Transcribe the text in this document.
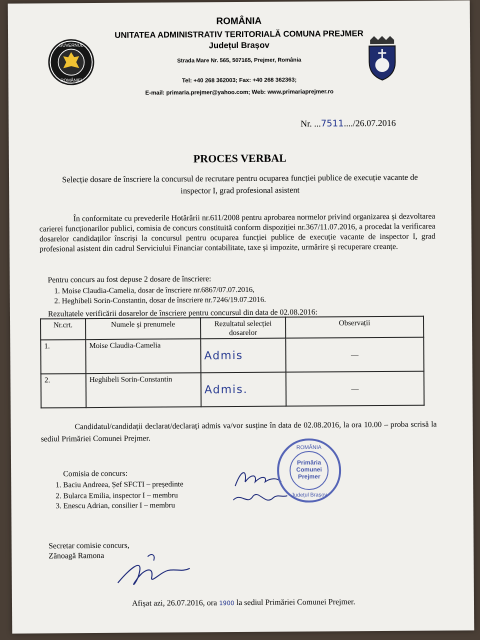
GUVERNUL
ROMÂNIEI
ROMÂNIA
UNITATEA ADMINISTRATIV TERITORIALĂ COMUNA PREJMER
Județul Brașov
Strada Mare Nr. 565, 507165, Prejmer, România
Tel: +40 268 362003; Fax: +40 268 362363;
E-mail: primaria.prejmer@yahoo.com; Web: www.primariaprejmer.ro
Nr. ...7511..../26.07.2016
PROCES VERBAL
Selecție dosare de înscriere la concursul de recrutare pentru ocuparea funcției publice de execuție vacante de inspector I, grad profesional asistent
În conformitate cu prevederile Hotărârii nr.611/2008 pentru aprobarea normelor privind organizarea și dezvoltarea carierei funcționarilor publici, comisia de concurs constituită conform dispoziției nr.367/11.07.2016, a procedat la verificarea dosarelor candidaților înscriși la concursul pentru ocuparea funcției publice de execuție vacante de inspector I, grad profesional asistent din cadrul Serviciului Financiar contabilitate, taxe și impozite, urmărire și recuperare creanțe.
Pentru concurs au fost depuse 2 dosare de înscriere:
1. Moise Claudia-Camelia, dosar de înscriere nr.6867/07.07.2016,
2. Heghibeli Sorin-Constantin, dosar de înscriere nr.7246/19.07.2016.
Rezultatele verificării dosarelor de înscriere pentru concursul din data de 02.08.2016:
Nr.crt.	Numele și prenumele	Rezultatul selecției dosarelor	Observații
1.	Moise Claudia-Camelia	Admis	—
2.	Heghibeli Sorin-Constantin	Admis.	—
Candidatul/candidații declarat/declarați admis va/vor susține în data de 02.08.2016, la ora 10.00 – proba scrisă la sediul Primăriei Comunei Prejmer.
Comisia de concurs:
1. Baciu Andreea, Șef SFCTI – președinte
2. Bularca Emilia, inspector I – membru
3. Enescu Adrian, consilier I – membru
Primăria
Comunei
Prejmer
ROMÂNIA
Județul Brașov
Secretar comisie concurs,
Zănoagă Ramona
Afișat azi, 26.07.2016, ora 1900 la sediul Primăriei Comunei Prejmer.
